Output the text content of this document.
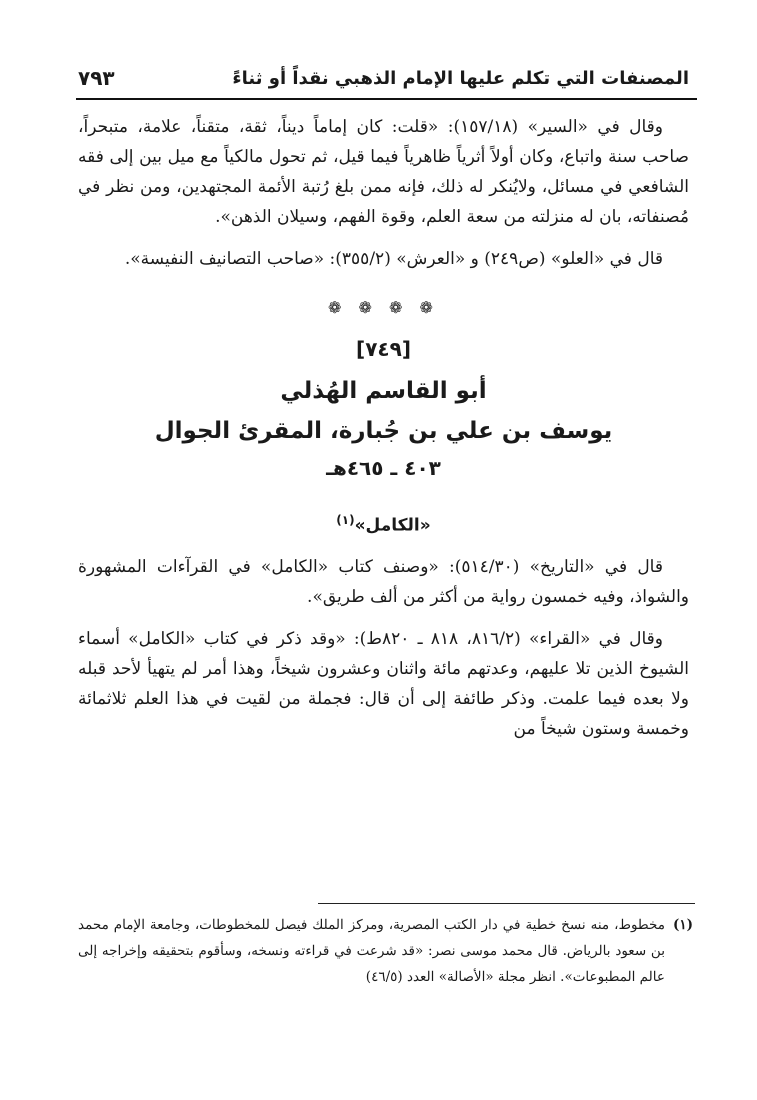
المصنفات التي تكلم عليها الإمام الذهبي نقداً أو ثناءً
٧٩٣

وقال في «السير» (١٥٧/١٨): «قلت: كان إماماً ديناً، ثقة، متقناً، علامة، متبحراً، صاحب سنة واتباع، وكان أولاً أثرياً ظاهرياً فيما قيل، ثم تحول مالكياً مع ميل بين إلى فقه الشافعي في مسائل، ولايُنكر له ذلك، فإنه ممن بلغ رُتبة الأئمة المجتهدين، ومن نظر في مُصنفاته، بان له منزلته من سعة العلم، وقوة الفهم، وسيلان الذهن».

قال في «العلو» (ص٢٤٩) و «العرش» (٣٥٥/٢): «صاحب التصانيف النفيسة».

❁ ❁ ❁ ❁
[٧٤٩]
أبو القاسم الهُذلي
يوسف بن علي بن جُبارة، المقرئ الجوال
٤٠٣ ـ ٤٦٥هـ
«الكامل»$^{(١)}$

قال في «التاريخ» (٥١٤/٣٠): «وصنف كتاب «الكامل» في القرآءات المشهورة والشواذ، وفيه خمسون رواية من أكثر من ألف طريق».

وقال في «القراء» (٨١٦/٢، ٨١٨ ـ ٨٢٠ط): «وقد ذكر في كتاب «الكامل» أسماء الشيوخ الذين تلا عليهم، وعدتهم مائة واثنان وعشرون شيخاً، وهذا أمر لم يتهيأ لأحد قبله ولا بعده فيما علمت. وذكر طائفة إلى أن قال: فجملة من لقيت في هذا العلم ثلاثمائة وخمسة وستون شيخاً من

(١)
مخطوط، منه نسخ خطية في دار الكتب المصرية، ومركز الملك فيصل للمخطوطات، وجامعة الإمام محمد بن سعود بالرياض. قال محمد موسى نصر: «قد شرعت في قراءته ونسخه، وسأقوم بتحقيقه وإخراجه إلى عالم المطبوعات». انظر مجلة «الأصالة» العدد (٤٦/٥)
